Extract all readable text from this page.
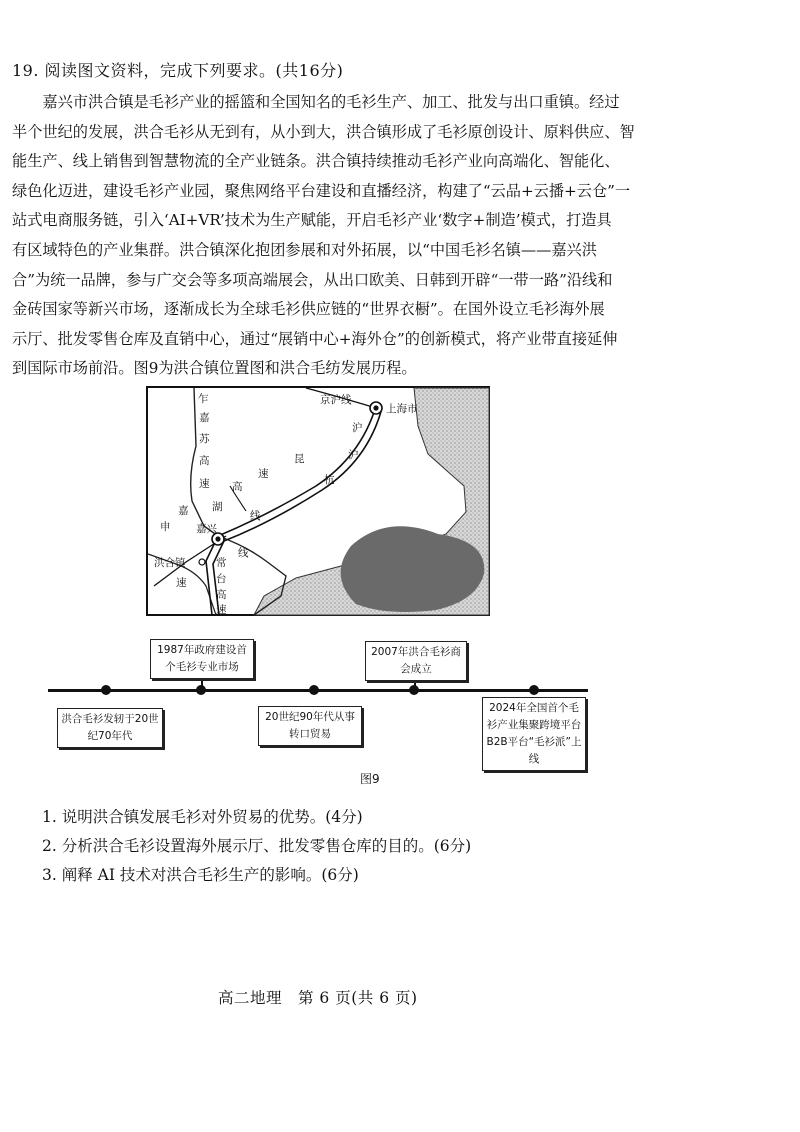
19. 阅读图文资料，完成下列要求。(共16分)
　　嘉兴市洪合镇是毛衫产业的摇篮和全国知名的毛衫生产、加工、批发与出口重镇。经过
半个世纪的发展，洪合毛衫从无到有，从小到大，洪合镇形成了毛衫原创设计、原料供应、智
能生产、线上销售到智慧物流的全产业链条。洪合镇持续推动毛衫产业向高端化、智能化、
绿色化迈进，建设毛衫产业园，聚焦网络平台建设和直播经济，构建了“云品+云播+云仓”一
站式电商服务链，引入‘AI+VR’技术为生产赋能，开启毛衫产业‘数字+制造’模式，打造具
有区域特色的产业集群。洪合镇深化抱团参展和对外拓展，以“中国毛衫名镇——嘉兴洪
合”为统一品牌，参与广交会等多项高端展会，从出口欧美、日韩到开辟“一带一路”沿线和
金砖国家等新兴市场，逐渐成长为全球毛衫供应链的“世界衣橱”。在国外设立毛衫海外展
示厅、批发零售仓库及直销中心，通过“展销中心+海外仓”的创新模式，将产业带直接延伸
到国际市场前沿。图9为洪合镇位置图和洪合毛纺发展历程。
上海市
京沪线
沪
沪
昆
杭
线
线
嘉兴
洪合镇
乍
嘉
苏
高
速 高
速
湖
申
嘉
速
常
台
高
速
1987年政府建设首个毛衫专业市场
2007年洪合毛衫商会成立
洪合毛衫发轫于20世纪70年代
20世纪90年代从事转口贸易
2024年全国首个毛衫产业集聚跨境平台B2B平台“毛衫派”上线
图9
1. 说明洪合镇发展毛衫对外贸易的优势。(4分)
2. 分析洪合毛衫设置海外展示厅、批发零售仓库的目的。(6分)
3. 阐释 AI 技术对洪合毛衫生产的影响。(6分)
高二地理　第 6 页(共 6 页)
